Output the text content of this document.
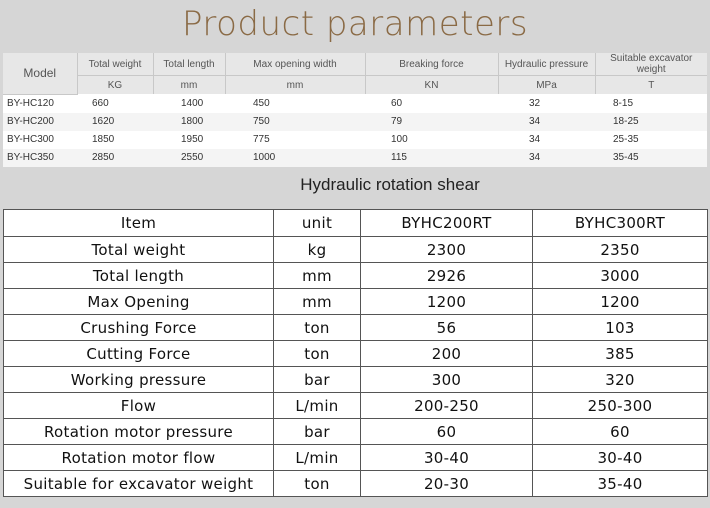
Product parameters
Model	Total weight	Total length	Max opening width	Breaking force	Hydraulic pressure	Suitable excavator weight
	KG	mm	mm	KN	MPa	T
BY-HC120	660	1400	450	60	32	8-15
BY-HC200	1620	1800	750	79	34	18-25
BY-HC300	1850	1950	775	100	34	25-35
BY-HC350	2850	2550	1000	115	34	35-45
Hydraulic rotation shear
Item	unit	BYHC200RT	BYHC300RT
Total weight	kg	2300	2350
Total length	mm	2926	3000
Max Opening	mm	1200	1200
Crushing Force	ton	56	103
Cutting Force	ton	200	385
Working pressure	bar	300	320
Flow	L/min	200-250	250-300
Rotation motor pressure	bar	60	60
Rotation motor flow	L/min	30-40	30-40
Suitable for excavator weight	ton	20-30	35-40
